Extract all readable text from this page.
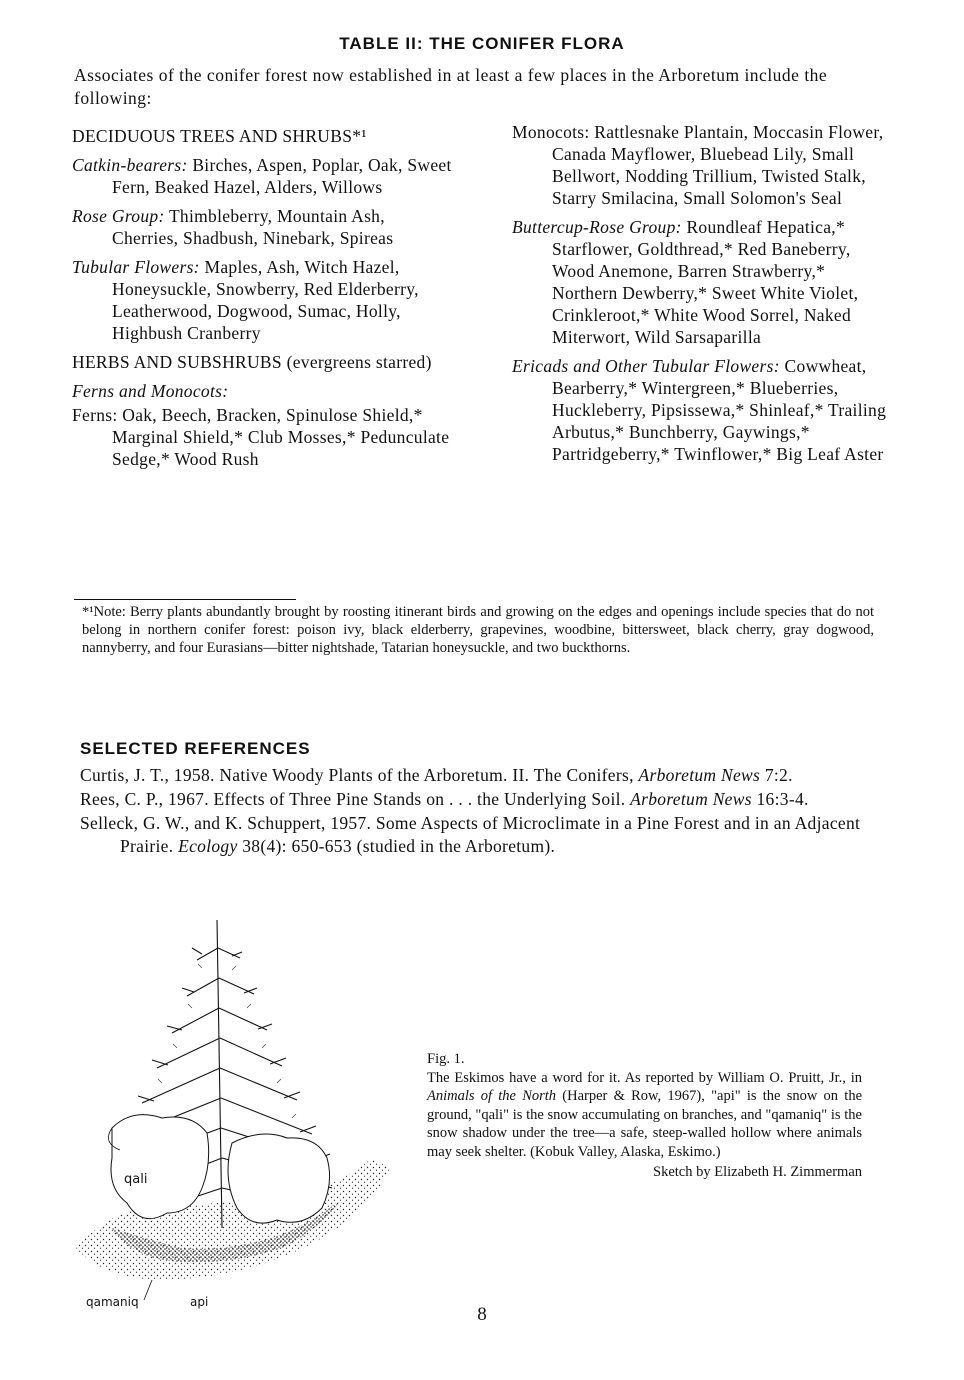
TABLE II: THE CONIFER FLORA
Associates of the conifer forest now established in at least a few places in the Arboretum include the following:
DECIDUOUS TREES AND SHRUBS*¹
Catkin-bearers: Birches, Aspen, Poplar, Oak, Sweet Fern, Beaked Hazel, Alders, Willows
Rose Group: Thimbleberry, Mountain Ash, Cherries, Shadbush, Ninebark, Spireas
Tubular Flowers: Maples, Ash, Witch Hazel, Honeysuckle, Snowberry, Red Elderberry, Leatherwood, Dogwood, Sumac, Holly, Highbush Cranberry
HERBS AND SUBSHRUBS (evergreens starred)
Ferns and Monocots:
Ferns: Oak, Beech, Bracken, Spinulose Shield,* Marginal Shield,* Club Mosses,* Pedunculate Sedge,* Wood Rush
Monocots: Rattlesnake Plantain, Moccasin Flower, Canada Mayflower, Bluebead Lily, Small Bellwort, Nodding Trillium, Twisted Stalk, Starry Smilacina, Small Solomon's Seal
Buttercup-Rose Group: Roundleaf Hepatica,* Starflower, Goldthread,* Red Baneberry, Wood Anemone, Barren Strawberry,* Northern Dewberry,* Sweet White Violet, Crinkleroot,* White Wood Sorrel, Naked Miterwort, Wild Sarsaparilla
Ericads and Other Tubular Flowers: Cowwheat, Bearberry,* Wintergreen,* Blueberries, Huckleberry, Pipsissewa,* Shinleaf,* Trailing Arbutus,* Bunchberry, Gaywings,* Partridgeberry,* Twinflower,* Big Leaf Aster
*¹Note: Berry plants abundantly brought by roosting itinerant birds and growing on the edges and openings include species that do not belong in northern conifer forest: poison ivy, black elderberry, grapevines, woodbine, bittersweet, black cherry, gray dogwood, nannyberry, and four Eurasians—bitter nightshade, Tatarian honeysuckle, and two buckthorns.
SELECTED REFERENCES
Curtis, J. T., 1958. Native Woody Plants of the Arboretum. II. The Conifers, Arboretum News 7:2.
Rees, C. P., 1967. Effects of Three Pine Stands on . . . the Underlying Soil. Arboretum News 16:3-4.
Selleck, G. W., and K. Schuppert, 1957. Some Aspects of Microclimate in a Pine Forest and in an Adjacent Prairie. Ecology 38(4): 650-653 (studied in the Arboretum).
qali
qamaniq	api
Fig. 1.
The Eskimos have a word for it. As reported by William O. Pruitt, Jr., in Animals of the North (Harper & Row, 1967), "api" is the snow on the ground, "qali" is the snow accumulating on branches, and "qamaniq" is the snow shadow under the tree—a safe, steep-walled hollow where animals may seek shelter. (Kobuk Valley, Alaska, Eskimo.)
Sketch by Elizabeth H. Zimmerman
8
